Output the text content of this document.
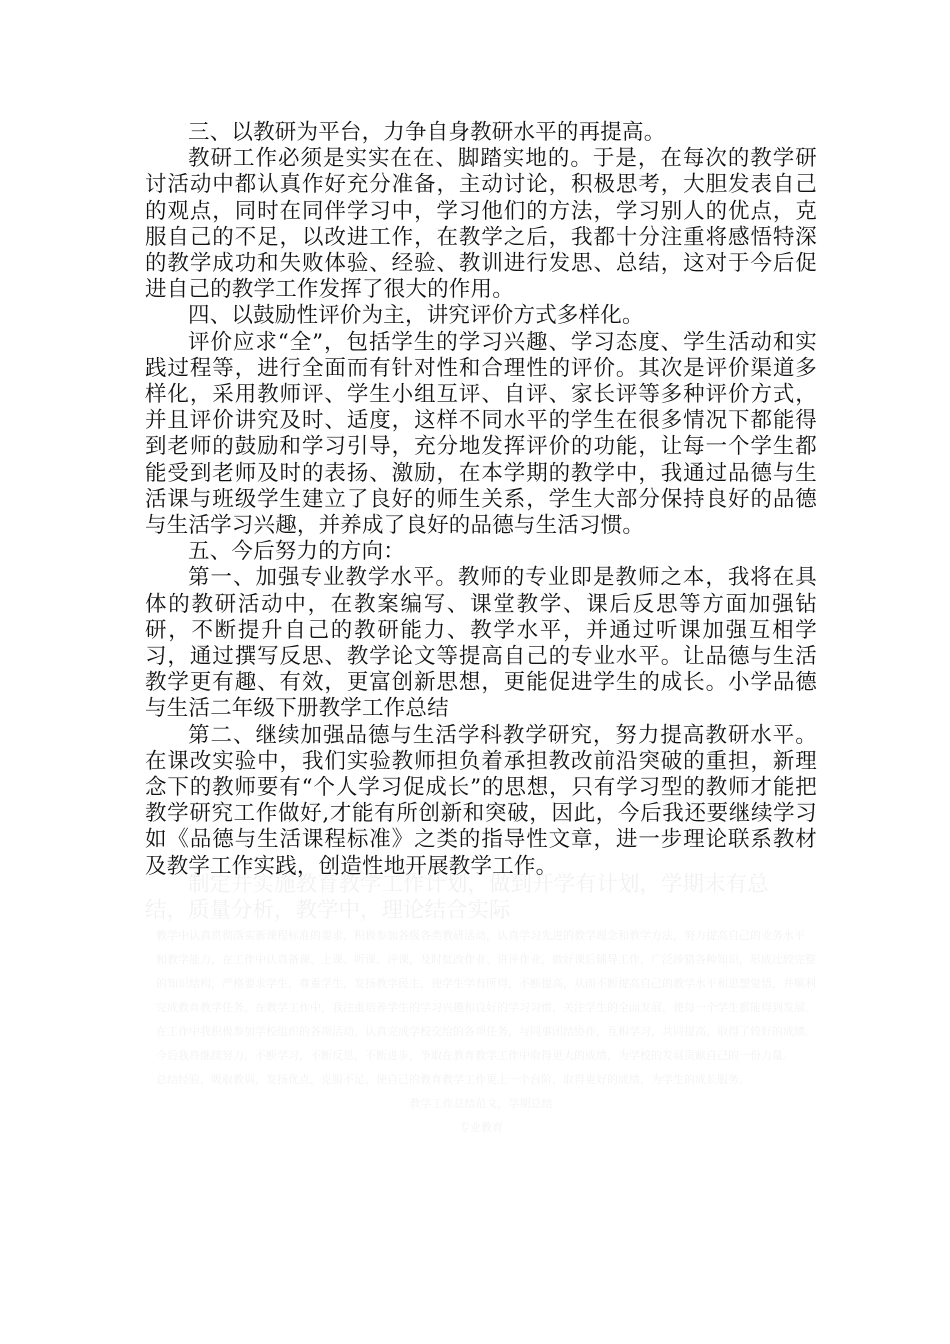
三、以教研为平台，力争自身教研水平的再提高。

教研工作必须是实实在在、脚踏实地的。于是，在每次的教学研讨活动中都认真作好充分准备，主动讨论，积极思考，大胆发表自己的观点，同时在同伴学习中，学习他们的方法，学习别人的优点，克服自己的不足，以改进工作，在教学之后，我都十分注重将感悟特深的教学成功和失败体验、经验、教训进行发思、总结，这对于今后促进自己的教学工作发挥了很大的作用。

四、以鼓励性评价为主，讲究评价方式多样化。

评价应求“全”，包括学生的学习兴趣、学习态度、学生活动和实践过程等，进行全面而有针对性和合理性的评价。其次是评价渠道多样化，采用教师评、学生小组互评、自评、家长评等多种评价方式，并且评价讲究及时、适度，这样不同水平的学生在很多情况下都能得到老师的鼓励和学习引导，充分地发挥评价的功能，让每一个学生都能受到老师及时的表扬、激励，在本学期的教学中，我通过品德与生活课与班级学生建立了良好的师生关系，学生大部分保持良好的品德与生活学习兴趣，并养成了良好的品德与生活习惯。

五、今后努力的方向：

第一、加强专业教学水平。教师的专业即是教师之本，我将在具体的教研活动中，在教案编写、课堂教学、课后反思等方面加强钻研，不断提升自己的教研能力、教学水平，并通过听课加强互相学习，通过撰写反思、教学论文等提高自己的专业水平。让品德与生活教学更有趣、有效，更富创新思想，更能促进学生的成长。小学品德与生活二年级下册教学工作总结

第二、继续加强品德与生活学科教学研究，努力提高教研水平。在课改实验中，我们实验教师担负着承担教改前沿突破的重担，新理念下的教师要有“个人学习促成长”的思想，只有学习型的教师才能把教学研究工作做好,才能有所创新和突破，因此，今后我还要继续学习如《品德与生活课程标准》之类的指导性文章，进一步理论联系教材及教学工作实践，创造性地开展教学工作。

制定并实施教育教学工作计划，做到开学有计划，学期末有总

结，质量分析，教学中，理论结合实际

教学中认真贯彻落实新课程标准的要求，积极参加各级各类教研活动，认真学习先进的教学理念和教学方法，努力提高自己的业务水平

和教学能力，在工作中认真备课、上课、听课、评课，及时批改作业、讲评作业，做好课后辅导工作，广泛涉猎各种知识，形成比较完整

的知识结构，严格要求学生，尊重学生，发扬教学民主，使学生学有所得，不断提高，从而不断提高自己的教学水平和思想觉悟，并顺利

完成教育教学任务。在教学工作中，我注重培养学生的学习兴趣和良好的学习习惯，关注学生的全面发展，使每一个学生都能得到发展。

在工作中我积极参加学校组织的各项活动，认真完成学校交给的各项任务，与同事团结协作，互相学习，共同提高，取得了较好的成绩。

今后我将继续努力，不断学习，不断反思，不断进步，争取在教育教学工作中取得更大的成绩，为学校的发展贡献自己的一份力量。

总结经验，吸取教训，发扬优点，克服不足，使自己的教育教学工作更上一个台阶，取得更好的成绩，为学生的成长服务。

教学工作总结范文，学期总结

专业教育
